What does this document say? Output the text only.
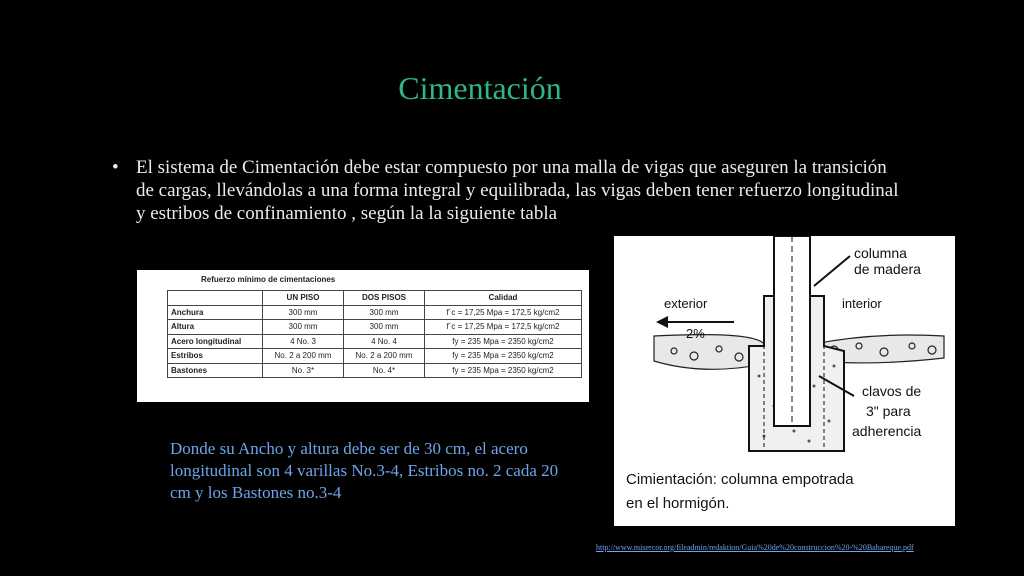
Cimentación
• El sistema de Cimentación debe estar compuesto por una malla de vigas que aseguren la transición de cargas, llevándolas a una forma integral y equilibrada, las vigas deben tener refuerzo longitudinal y estribos de confinamiento , según la la siguiente tabla
Refuerzo mínimo de cimentaciones
	UN PISO	DOS PISOS	Calidad
Anchura	300 mm	300 mm	f´c = 17,25 Mpa = 172,5 kg/cm2
Altura	300 mm	300 mm	f´c = 17,25 Mpa = 172,5 kg/cm2
Acero longitudinal	4 No. 3	4 No. 4	fy = 235 Mpa = 2350 kg/cm2
Estribos	No. 2 a 200 mm	No. 2 a 200 mm	fy = 235 Mpa = 2350 kg/cm2
Bastones	No. 3*	No. 4*	fy = 235 Mpa = 2350 kg/cm2
Donde su Ancho y altura debe ser de 30 cm, el acero longitudinal son 4 varillas No.3-4, Estribos no. 2 cada 20 cm y los Bastones no.3-4
columna
de madera
exterior	interior
2%
clavos de
3" para
adherencia
Cimientación: columna empotrada
en el hormigón.
http://www.misercor.org/fileadmin/redaktion/Guia%20de%20construccion%20-%20Bahareque.pdf
